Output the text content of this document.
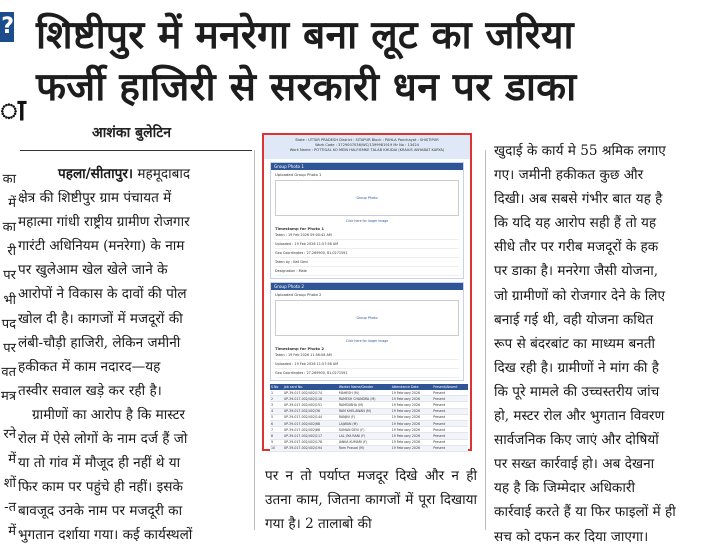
?
ा
का
में
का
री
पर
भी
पद
पर
वत
मत्र
रने
में
शों
त-
में
शिष्टीपुर में मनरेगा बना लूट का जरिया
फर्जी हाजिरी से सरकारी धन पर डाका
आशंका बुलेटिन
पहला/सीतापुर। महमूदाबाद
क्षेत्र की शिष्टीपुर ग्राम पंचायत में
महात्मा गांधी राष्ट्रीय ग्रामीण रोजगार
गारंटी अधिनियम (मनरेगा) के नाम
पर खुलेआम खेल खेले जाने के
आरोपों ने विकास के दावों की पोल
खोल दी है। कागजों में मजदूरों की
लंबी-चौड़ी हाजिरी, लेकिन जमीनी
हकीकत में काम नदारद—यह
तस्वीर सवाल खड़े कर रही है।
ग्रामीणों का आरोप है कि मास्टर
रोल में ऐसे लोगों के नाम दर्ज हैं जो
या तो गांव में मौजूद ही नहीं थे या
फिर काम पर पहुंचे ही नहीं। इसके
बावजूद उनके नाम पर मजदूरी का
भुगतान दर्शाया गया। कई कार्यस्थलों
State : UTTAR PRADESH District : SITAPUR Block : PAHLA Panchayat : SHISTIPUR
Work Code : 3729007036/WC/1399981919 Mr No : 13424
Work Name : POTTIGAL KO MEIN HALFIEMKE TALAB KHUDAI (KRAIUS ANYABAT KARYA)
Group Photo 1
Uploaded Group Photo 1
Group Photo
Click here for larger image
Timestamp for Photo 1
Taken : 19 Feb 2026 09:00:42 AM
Uploaded : 19 Feb 2026 11:57:56 AM
Geo Coordinates : 27.269900, 81.0271591
Taken by : Kali Devi
Designation : Mate
Group Photo 2
Uploaded Group Photo 2
Group Photo
Click here for larger image
Timestamp for Photo 2
Taken : 19 Feb 2026 11:56:08 AM
Uploaded : 19 Feb 2026 11:57:56 AM
Geo Coordinates : 27.269900, 81.0271591
S.No	Job card No.	Worker Name/Gender	Attendance Date	Present/Absent
1	UP-39-017-002/402/174	MAHESH (M)	19 February 2026	Present
2	UP-39-017-002/402/118	RAMESH CHANDRA (M)	19 February 2026	Present
3	UP-39-017-002/402/151	RAMSUBHA (M)	19 February 2026	Present
4	UP-39-017-002/402/36	RAM KHELAWAN (M)	19 February 2026	Present
5	UP-39-017-002/402/144	RANJNI (F)	19 February 2026	Present
6	UP-39-017-002/402/68	LAJWAN (M)	19 February 2026	Present
7	UP-39-017-002/402/88	SUMAN DEVI (F)	19 February 2026	Present
8	UP-39-017-002/402/117	LAL JIYA RANI (F)	19 February 2026	Present
9	UP-39-017-002/402/178	JANKA KUMARI (F)	19 February 2026	Present
10	UP-39-017-002/402/194	Ram Prasad (M)	19 February 2026	Present

पर न तो पर्याप्त मजदूर दिखे और न ही उतना काम, जितना कागजों में पूरा दिखाया गया है। 2 तालाबो की

खुदाई के कार्य मे 55 श्रमिक लगाए
गए। जमीनी हकीकत कुछ और
दिखी। अब सबसे गंभीर बात यह है
कि यदि यह आरोप सही हैं तो यह
सीधे तौर पर गरीब मजदूरों के हक
पर डाका है। मनरेगा जैसी योजना,
जो ग्रामीणों को रोजगार देने के लिए
बनाई गई थी, वही योजना कथित
रूप से बंदरबांट का माध्यम बनती
दिख रही है। ग्रामीणों ने मांग की है
कि पूरे मामले की उच्चस्तरीय जांच
हो, मस्टर रोल और भुगतान विवरण
सार्वजनिक किए जाएं और दोषियों
पर सख्त कार्रवाई हो। अब देखना
यह है कि जिम्मेदार अधिकारी
कार्रवाई करते हैं या फिर फाइलों में ही
सच को दफन कर दिया जाएगा।
